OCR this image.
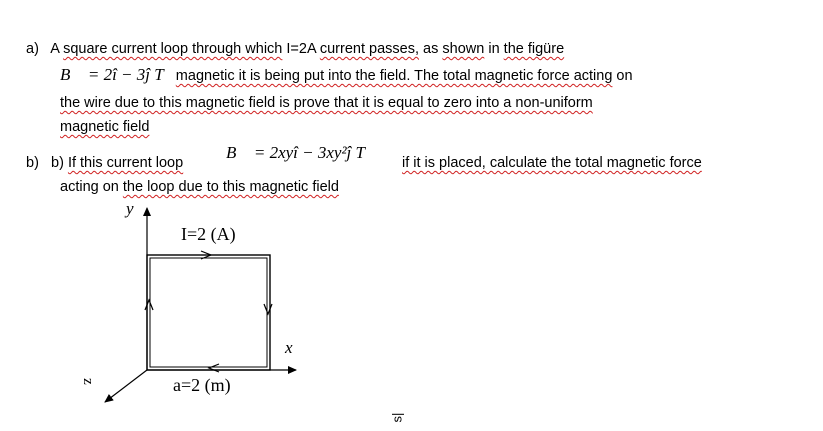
a) A square current loop through which I=2A current passes, as shown in the figüre
B⃗ = 2î − 3ĵ T magnetic it is being put into the field. The total magnetic force acting on
the wire due to this magnetic field is prove that it is equal to zero into a non-uniform
magnetic field
b) b) If this current loop
B⃗ = 2xyî − 3xy²ĵ T
if it is placed, calculate the total magnetic force
acting on the loop due to this magnetic field
y
x
z
I=2 (A)
a=2 (m)
s|
